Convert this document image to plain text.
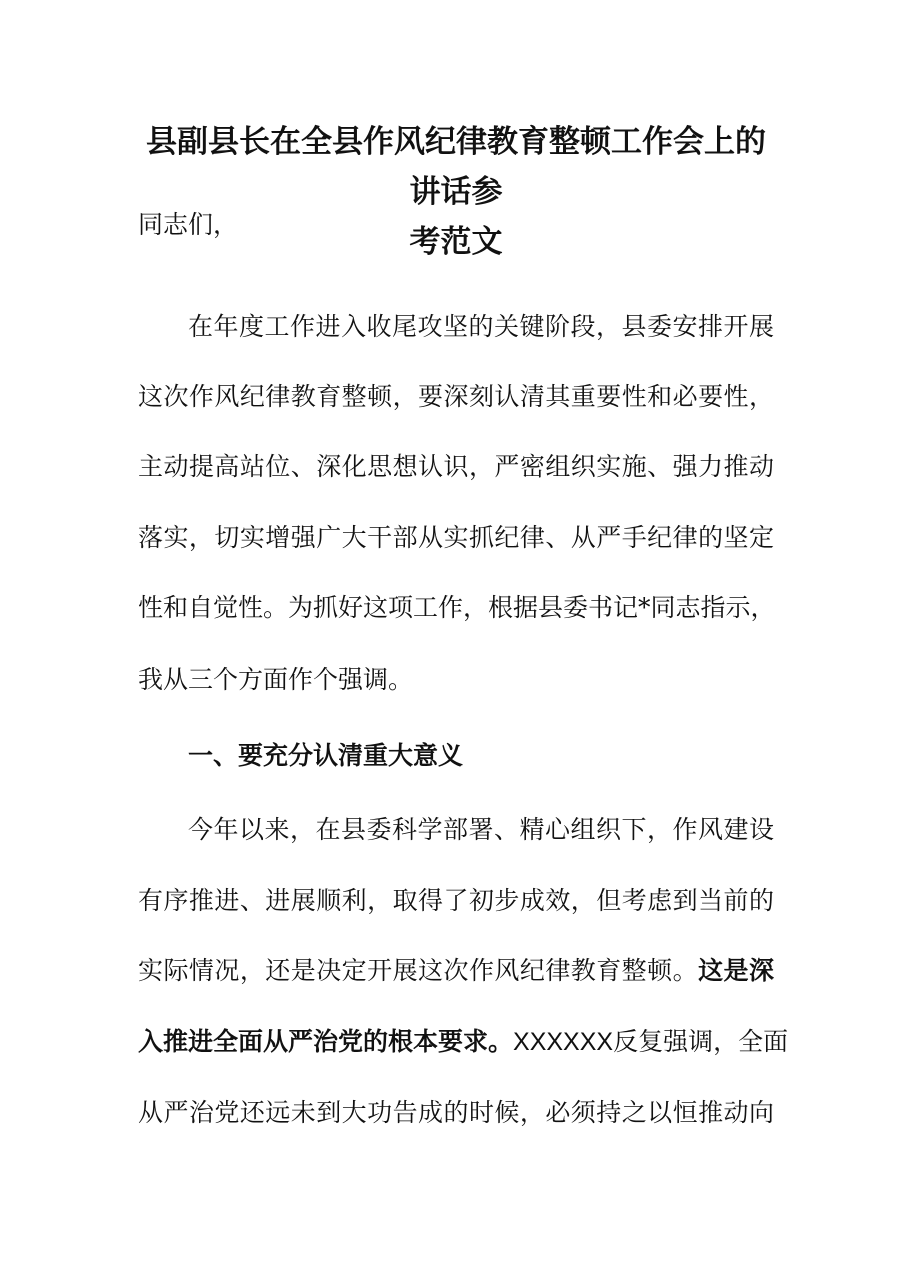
县副县长在全县作风纪律教育整顿工作会上的讲话参
考范文
同志们，
在年度工作进入收尾攻坚的关键阶段，县委安排开展
这次作风纪律教育整顿，要深刻认清其重要性和必要性，
主动提高站位、深化思想认识，严密组织实施、强力推动
落实，切实增强广大干部从实抓纪律、从严手纪律的坚定
性和自觉性。为抓好这项工作，根据县委书记*同志指示，
我从三个方面作个强调。
一、要充分认清重大意义
今年以来，在县委科学部署、精心组织下，作风建设
有序推进、进展顺利，取得了初步成效，但考虑到当前的
实际情况，还是决定开展这次作风纪律教育整顿。这是深
入推进全面从严治党的根本要求。XXXXXX反复强调，全面
从严治党还远未到大功告成的时候，必须持之以恒推动向
